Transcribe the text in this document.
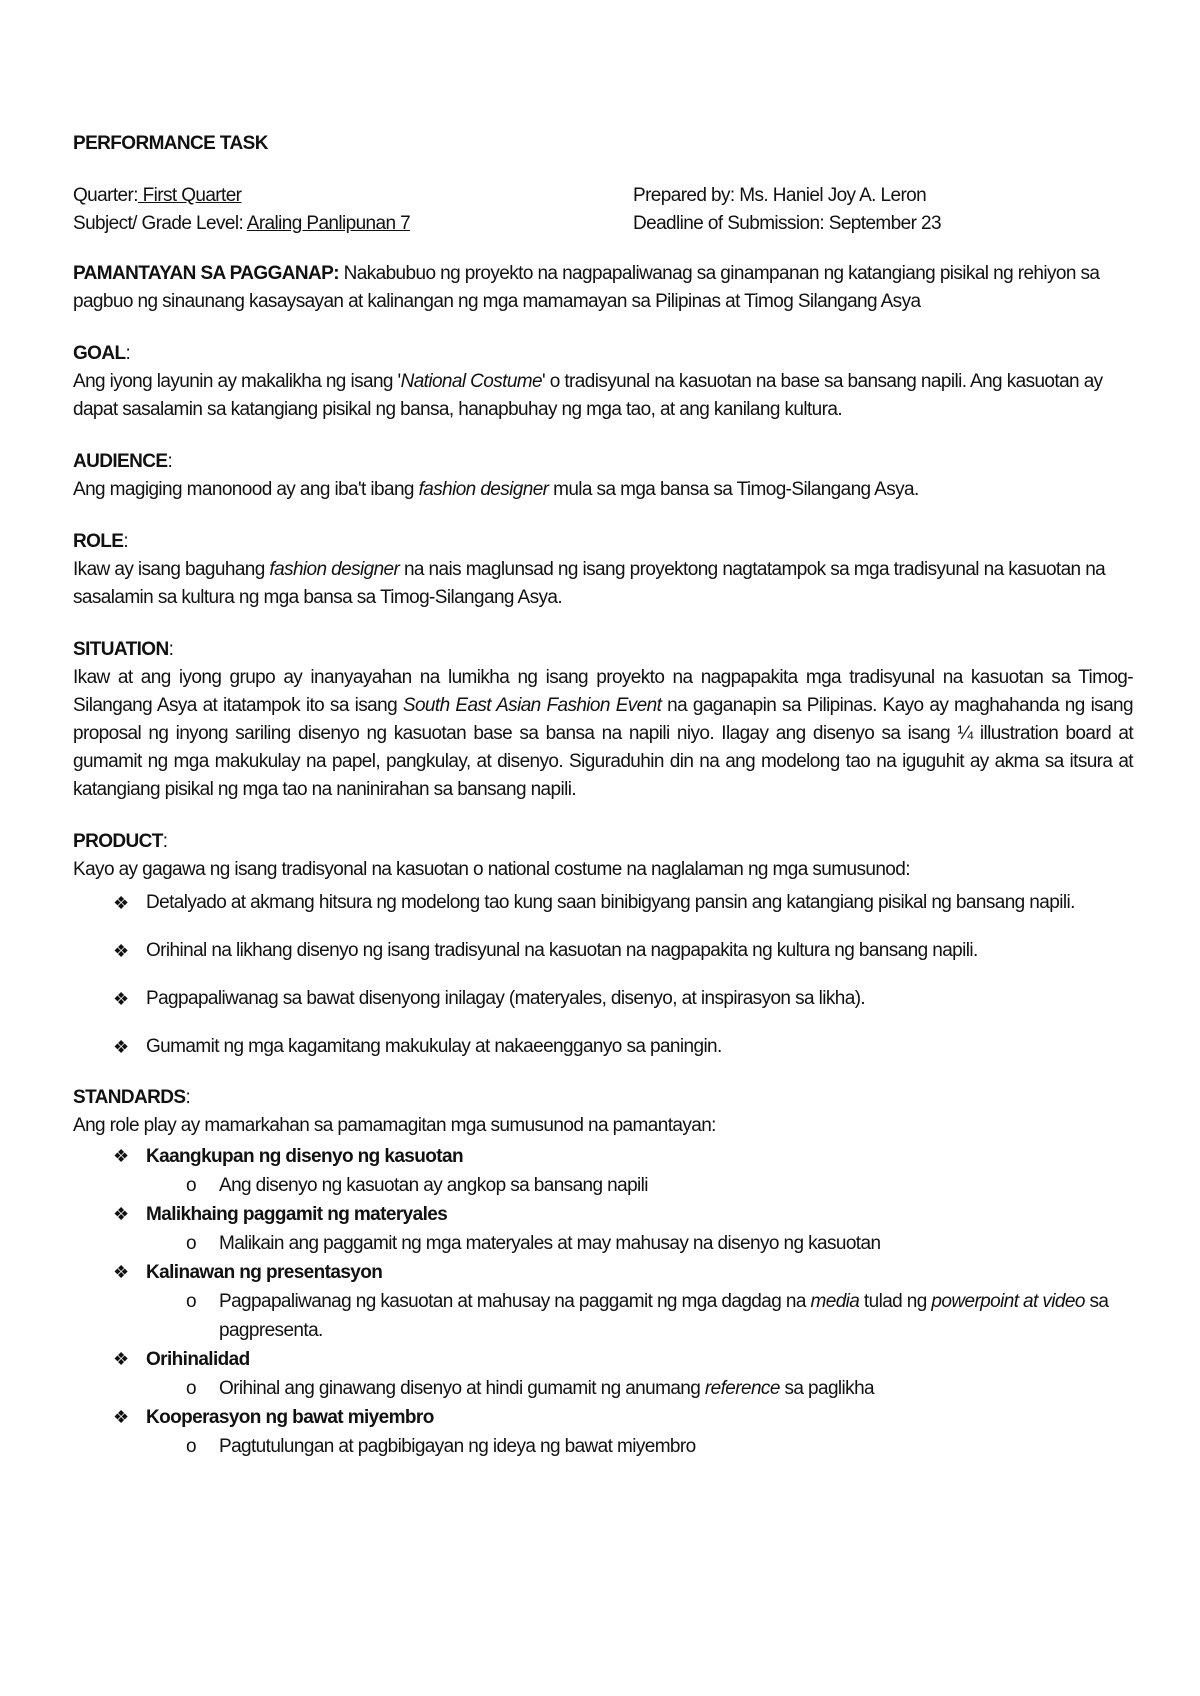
PERFORMANCE TASK
Quarter: First Quarter
Subject/ Grade Level: Araling Panlipunan 7
Prepared by: Ms. Haniel Joy A. Leron
Deadline of Submission: September 23
PAMANTAYAN SA PAGGANAP: Nakabubuo ng proyekto na nagpapaliwanag sa ginampanan ng katangiang pisikal ng rehiyon sa pagbuo ng sinaunang kasaysayan at kalinangan ng mga mamamayan sa Pilipinas at Timog Silangang Asya
GOAL:
Ang iyong layunin ay makalikha ng isang 'National Costume' o tradisyunal na kasuotan na base sa bansang napili. Ang kasuotan ay dapat sasalamin sa katangiang pisikal ng bansa, hanapbuhay ng mga tao, at ang kanilang kultura.
AUDIENCE:
Ang magiging manonood ay ang iba't ibang fashion designer mula sa mga bansa sa Timog-Silangang Asya.
ROLE:
Ikaw ay isang baguhang fashion designer na nais maglunsad ng isang proyektong nagtatampok sa mga tradisyunal na kasuotan na sasalamin sa kultura ng mga bansa sa Timog-Silangang Asya.
SITUATION:
Ikaw at ang iyong grupo ay inanyayahan na lumikha ng isang proyekto na nagpapakita mga tradisyunal na kasuotan sa Timog-Silangang Asya at itatampok ito sa isang South East Asian Fashion Event na gaganapin sa Pilipinas. Kayo ay maghahanda ng isang proposal ng inyong sariling disenyo ng kasuotan base sa bansa na napili niyo. Ilagay ang disenyo sa isang ¼ illustration board at gumamit ng mga makukulay na papel, pangkulay, at disenyo. Siguraduhin din na ang modelong tao na iguguhit ay akma sa itsura at katangiang pisikal ng mga tao na naninirahan sa bansang napili.
PRODUCT:
Kayo ay gagawa ng isang tradisyonal na kasuotan o national costume na naglalaman ng mga sumusunod:
❖ Detalyado at akmang hitsura ng modelong tao kung saan binibigyang pansin ang katangiang pisikal ng bansang napili.
❖ Orihinal na likhang disenyo ng isang tradisyunal na kasuotan na nagpapakita ng kultura ng bansang napili.
❖ Pagpapaliwanag sa bawat disenyong inilagay (materyales, disenyo, at inspirasyon sa likha).
❖ Gumamit ng mga kagamitang makukulay at nakaeengganyo sa paningin.
STANDARDS:
Ang role play ay mamarkahan sa pamamagitan mga sumusunod na pamantayan:
❖ Kaangkupan ng disenyo ng kasuotan
o Ang disenyo ng kasuotan ay angkop sa bansang napili
❖ Malikhaing paggamit ng materyales
o Malikain ang paggamit ng mga materyales at may mahusay na disenyo ng kasuotan
❖ Kalinawan ng presentasyon
o Pagpapaliwanag ng kasuotan at mahusay na paggamit ng mga dagdag na media tulad ng powerpoint at video sa pagpresenta.
❖ Orihinalidad
o Orihinal ang ginawang disenyo at hindi gumamit ng anumang reference sa paglikha
❖ Kooperasyon ng bawat miyembro
o Pagtutulungan at pagbibigayan ng ideya ng bawat miyembro
